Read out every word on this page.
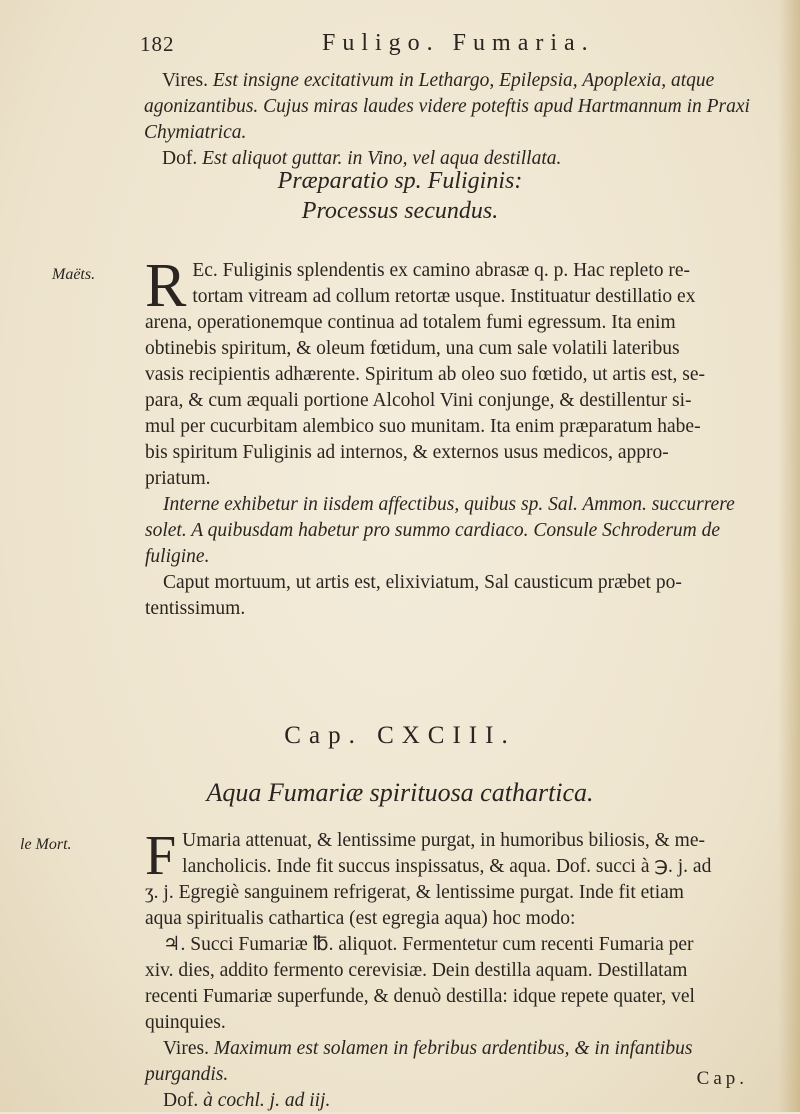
182	Fuligo. Fumaria.
Vires. Est insigne excitativum in Lethargo, Epilepsia, Apoplexia, atque
agonizantibus. Cujus miras laudes videre poteftis apud Hartmannum in Praxi
Chymiatrica.
Dof. Est aliquot guttar. in Vino, vel aqua destillata.
Præparatio sp. Fuliginis:
Processus secundus.
Maëts. R Ec. Fuliginis splendentis ex camino abrasæ q. p. Hac repleto re-
tortam vitream ad collum retortæ usque. Instituatur destillatio ex
arena, operationemque continua ad totalem fumi egressum. Ita enim
obtinebis spiritum, & oleum fœtidum, una cum sale volatili lateribus
vasis recipientis adhærente. Spiritum ab oleo suo fœtido, ut artis est, se-
para, & cum æquali portione Alcohol Vini conjunge, & destillentur si-
mul per cucurbitam alembico suo munitam. Ita enim præparatum habe-
bis spiritum Fuliginis ad internos, & externos usus medicos, appro-
priatum.
Interne exhibetur in iisdem affectibus, quibus sp. Sal. Ammon. succurrere
solet. A quibusdam habetur pro summo cardiaco. Consule Schroderum de
fuligine.
Caput mortuum, ut artis est, elixiviatum, Sal causticum præbet po-
tentissimum.
Cap. CXCIII.
Aqua Fumariæ spirituosa cathartica.
le Mort. F Umaria attenuat, & lentissime purgat, in humoribus biliosis, & me-
lancholicis. Inde fit succus inspissatus, & aqua. Dof. succi à ℈. j. ad
ʒ. j. Egregiè sanguinem refrigerat, & lentissime purgat. Inde fit etiam
aqua spiritualis cathartica (est egregia aqua) hoc modo:
♃. Succi Fumariæ ℔. aliquot. Fermentetur cum recenti Fumaria per
xiv. dies, addito fermento cerevisiæ. Dein destilla aquam. Destillatam
recenti Fumariæ superfunde, & denuò destilla: idque repete quater, vel
quinquies.
Vires. Maximum est solamen in febribus ardentibus, & in infantibus
purgandis.
Dof. à cochl. j. ad iij.
Cap.
